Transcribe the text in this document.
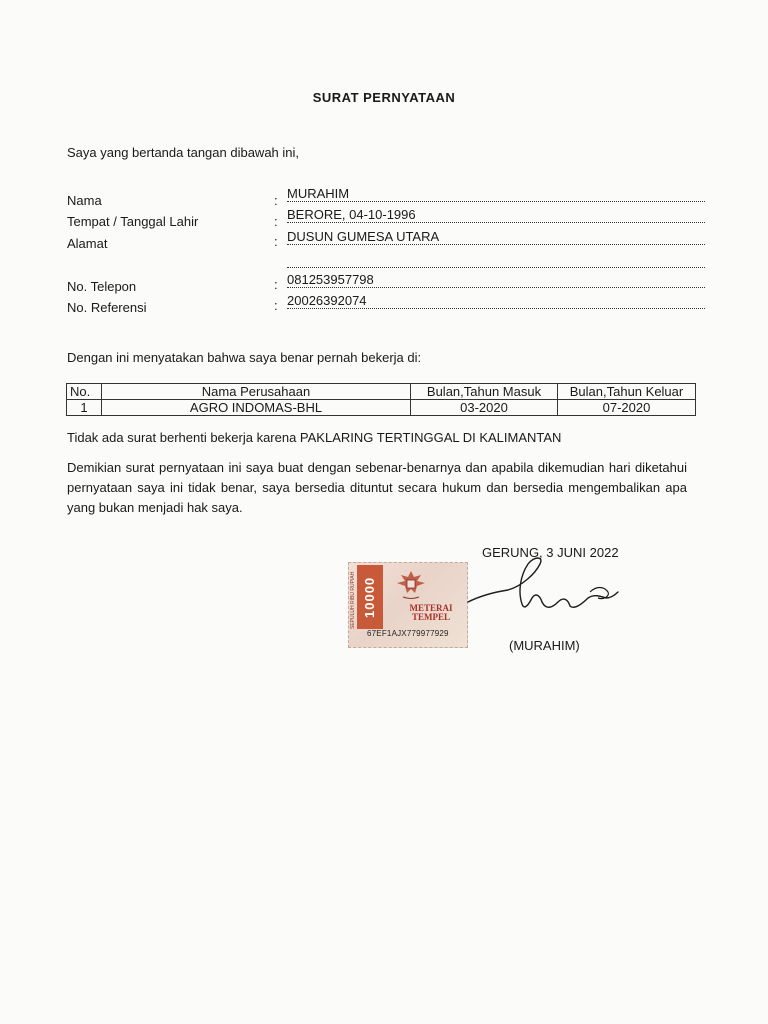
SURAT PERNYATAAN
Saya yang bertanda tangan dibawah ini,
Nama	: MURAHIM
Tempat / Tanggal Lahir	: BERORE, 04-10-1996
Alamat	: DUSUN GUMESA UTARA
No. Telepon	: 081253957798
No. Referensi	: 20026392074
Dengan ini menyatakan bahwa saya benar pernah bekerja di:
No.	Nama Perusahaan	Bulan,Tahun Masuk	Bulan,Tahun Keluar
1	AGRO INDOMAS-BHL	03-2020	07-2020
Tidak ada surat berhenti bekerja karena PAKLARING TERTINGGAL DI KALIMANTAN
Demikian surat pernyataan ini saya buat dengan sebenar-benarnya dan apabila dikemudian hari diketahui pernyataan saya ini tidak benar, saya bersedia dituntut secara hukum dan bersedia mengembalikan apa yang bukan menjadi hak saya.
GERUNG, 3 JUNI 2022
SEPULUH RIBU RUPIAH 10000	METERAI
TEMPEL
67EF1AJX779977929
(MURAHIM)
